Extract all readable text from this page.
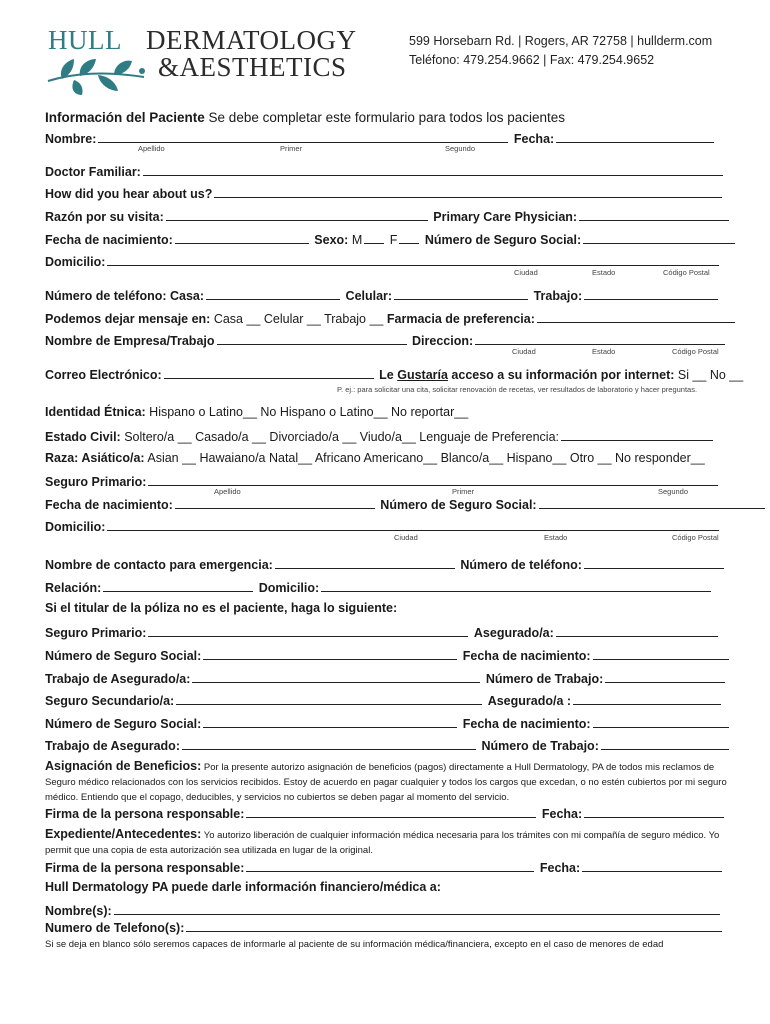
HULL DERMATOLOGY
&AESTHETICS
599 Horsebarn Rd. | Rogers, AR 72758 | hullderm.com
Teléfono: 479.254.9662 | Fax: 479.254.9652
Información del Paciente Se debe completar este formulario para todos los pacientes
Nombre:	Fecha:
Apellido	Primer	Segundo
Doctor Familiar:
How did you hear about us?
Razón por su visita:	Primary Care Physician:
Fecha de nacimiento:	Sexo: M F Número de Seguro Social:
Domicilio:
Ciudad	Estado	Código Postal
Número de teléfono: Casa:	Celular:	Trabajo:
Podemos dejar mensaje en: Casa __ Celular __ Trabajo __ Farmacia de preferencia:
Nombre de Empresa/Trabajo	Direccion:
Ciudad	Estado	Código Postal
Correo Electrónico:	Le Gustaría acceso a su información por internet: Si __ No __
P. ej.: para solicitar una cita, solicitar renovación de recetas, ver resultados de laboratorio y hacer preguntas.
Identidad Étnica: Hispano o Latino__ No Hispano o Latino__ No reportar__
Estado Civil: Soltero/a __ Casado/a __ Divorciado/a __ Viudo/a__ Lenguaje de Preferencia:
Raza: Asiático/a: Asian __ Hawaiano/a Natal__ Africano Americano__ Blanco/a__ Hispano__ Otro __ No responder__
Seguro Primario:
Apellido	Primer	Segundo
Fecha de nacimiento:	Número de Seguro Social:
Domicilio:
Ciudad	Estado	Código Postal
Nombre de contacto para emergencia:	Número de teléfono:
Relación:	Domicilio:
Si el titular de la póliza no es el paciente, haga lo siguiente:
Seguro Primario:	Asegurado/a:
Número de Seguro Social:	Fecha de nacimiento:
Trabajo de Asegurado/a:	Número de Trabajo:
Seguro Secundario/a:	Asegurado/a :
Número de Seguro Social:	Fecha de nacimiento:
Trabajo de Asegurado:	Número de Trabajo:
Asignación de Beneficios: Por la presente autorizo asignación de beneficios (pagos) directamente a Hull Dermatology, PA de todos mis reclamos de Seguro médico relacionados con los servicios recibidos. Estoy de acuerdo en pagar cualquier y todos los cargos que excedan, o no estén cubiertos por mi seguro médico. Entiendo que el copago, deducibles, y servicios no cubiertos se deben pagar al momento del servicio.
Firma de la persona responsable:	Fecha:
Expediente/Antecedentes: Yo autorizo liberación de cualquier información médica necesaria para los trámites con mi compañía de seguro médico. Yo permit que una copia de esta autorización sea utilizada en lugar de la original.
Firma de la persona responsable:	Fecha:
Hull Dermatology PA puede darle información financiero/médica a:
Nombre(s):
Numero de Telefono(s):
Si se deja en blanco sólo seremos capaces de informarle al paciente de su información médica/financiera, excepto en el caso de menores de edad
